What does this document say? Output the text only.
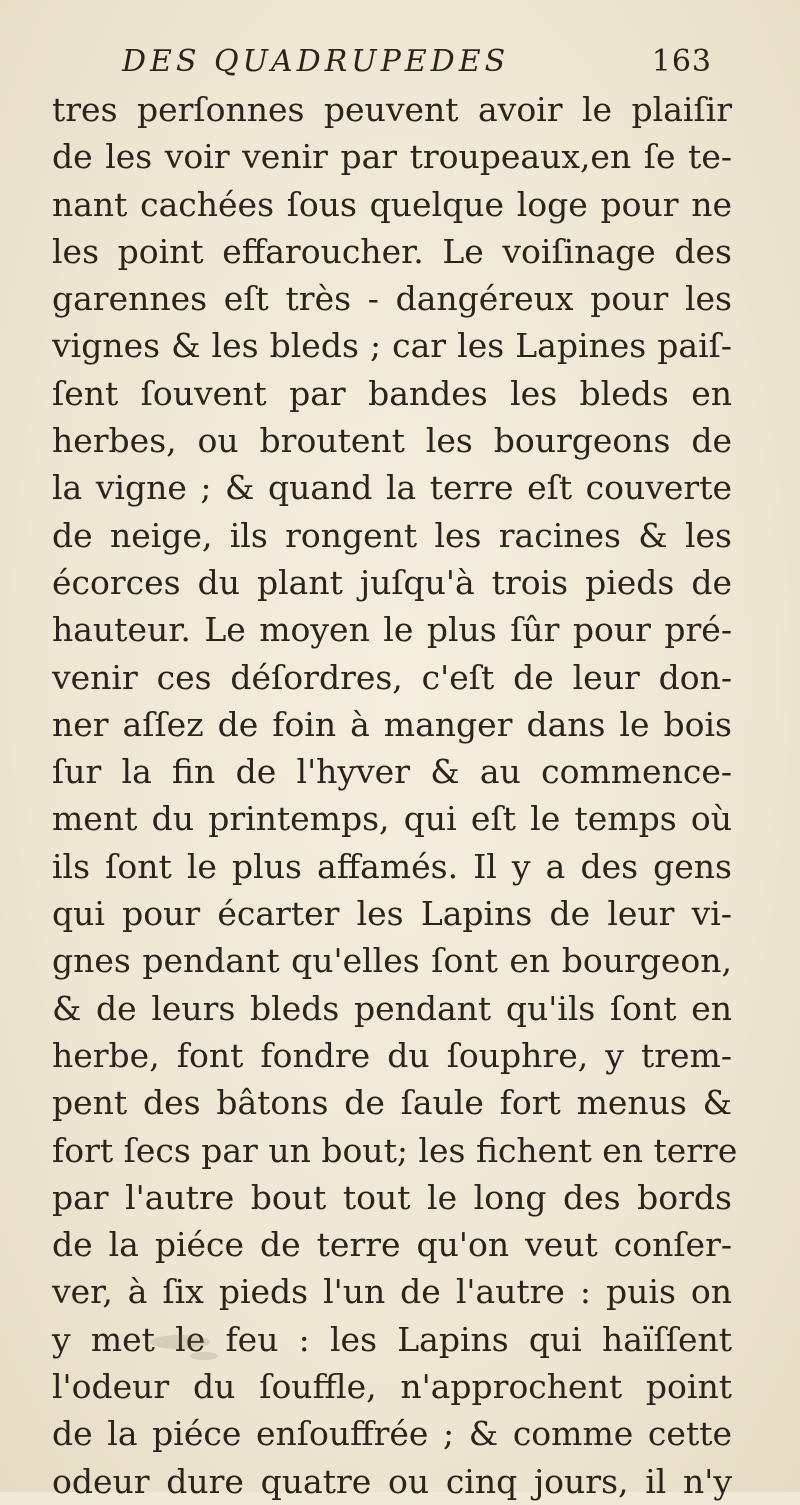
DES QUADRUPEDES	163
tres perſonnes peuvent avoir le plaiſir
de les voir venir par troupeaux,en ſe te-
nant cachées ſous quelque loge pour ne
les point effaroucher. Le voiſinage des
garennes eſt très - dangéreux pour les
vignes & les bleds ; car les Lapines paiſ-
ſent ſouvent par bandes les bleds en
herbes, ou broutent les bourgeons de
la vigne ; & quand la terre eſt couverte
de neige, ils rongent les racines & les
écorces du plant juſqu'à trois pieds de
hauteur. Le moyen le plus ſûr pour pré-
venir ces déſordres, c'eſt de leur don-
ner aſſez de foin à manger dans le bois
ſur la fin de l'hyver & au commence-
ment du printemps, qui eſt le temps où
ils ſont le plus affamés. Il y a des gens
qui pour écarter les Lapins de leur vi-
gnes pendant qu'elles ſont en bourgeon,
& de leurs bleds pendant qu'ils ſont en
herbe, font fondre du ſouphre, y trem-
pent des bâtons de ſaule fort menus &
fort ſecs par un bout; les fichent en terre
par l'autre bout tout le long des bords
de la piéce de terre qu'on veut conſer-
ver, à ſix pieds l'un de l'autre : puis on
y met le feu : les Lapins qui haïſſent
l'odeur du ſouffle, n'approchent point
de la piéce enſouffrée ; & comme cette
odeur dure quatre ou cinq jours, il n'y
